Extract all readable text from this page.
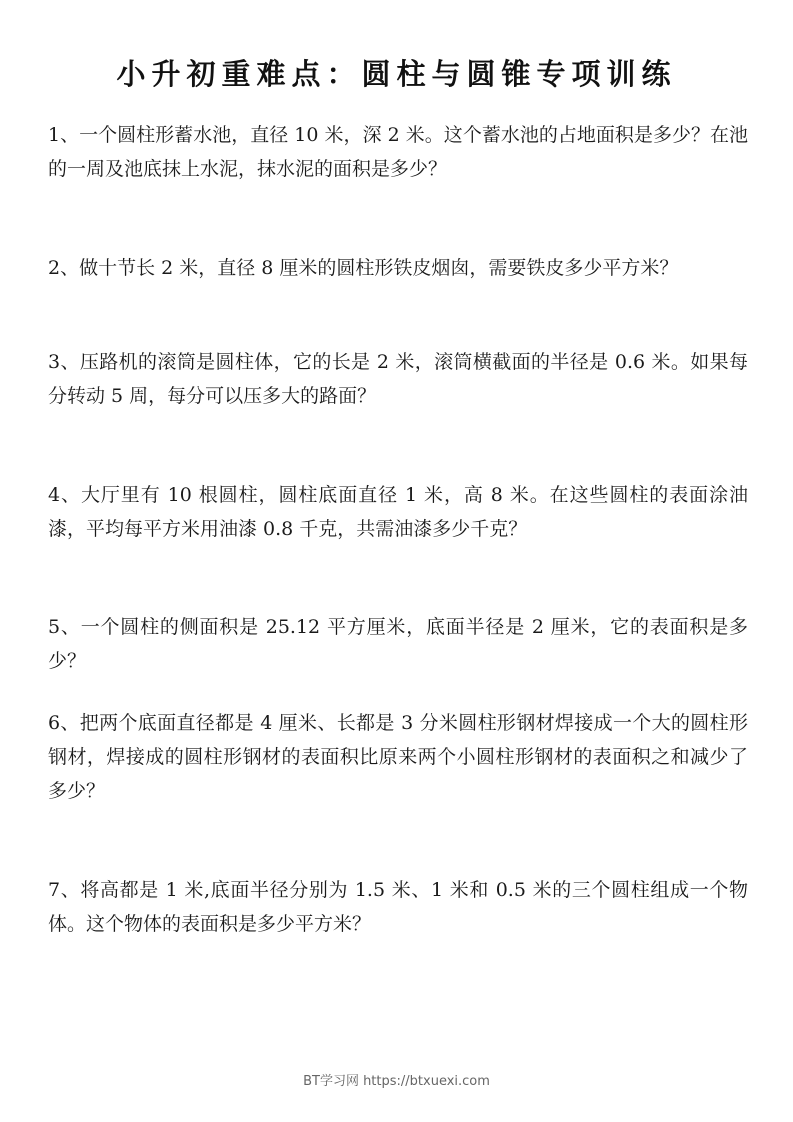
小升初重难点：圆柱与圆锥专项训练
1、一个圆柱形蓄水池，直径 10 米，深 2 米。这个蓄水池的占地面积是多少？在池的一周及池底抹上水泥，抹水泥的面积是多少？
2、做十节长 2 米，直径 8 厘米的圆柱形铁皮烟囱，需要铁皮多少平方米？
3、压路机的滚筒是圆柱体，它的长是 2 米，滚筒横截面的半径是 0.6 米。如果每分转动 5 周，每分可以压多大的路面？
4、大厅里有 10 根圆柱，圆柱底面直径 1 米，高 8 米。在这些圆柱的表面涂油漆，平均每平方米用油漆 0.8 千克，共需油漆多少千克？
5、一个圆柱的侧面积是 25.12 平方厘米，底面半径是 2 厘米，它的表面积是多少？
6、把两个底面直径都是 4 厘米、长都是 3 分米圆柱形钢材焊接成一个大的圆柱形钢材，焊接成的圆柱形钢材的表面积比原来两个小圆柱形钢材的表面积之和减少了多少？
7、将高都是 1 米,底面半径分别为 1.5 米、1 米和 0.5 米的三个圆柱组成一个物体。这个物体的表面积是多少平方米？
BT学习网 https://btxuexi.com
